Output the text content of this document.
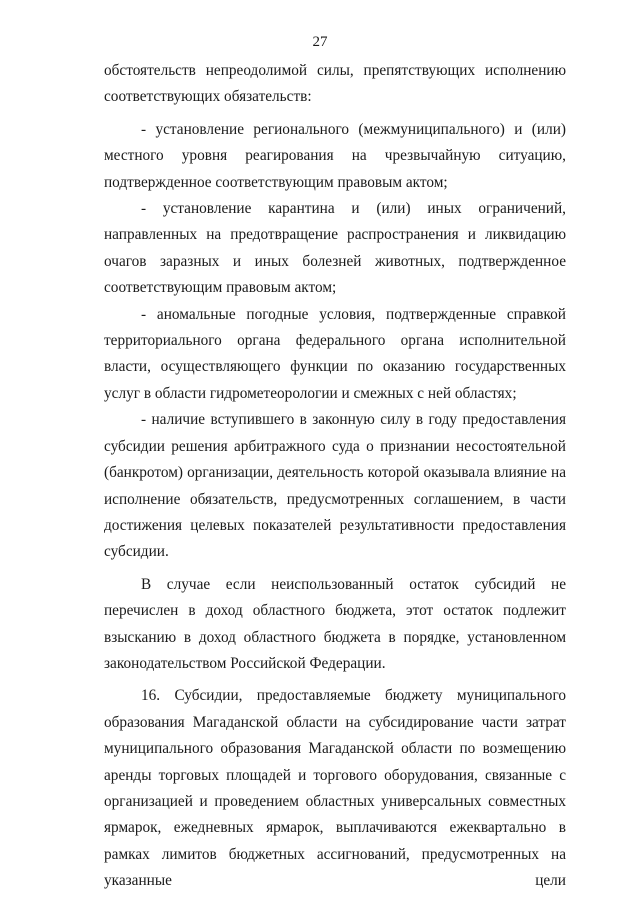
27

обстоятельств непреодолимой силы, препятствующих исполнению соответствующих обязательств:

- установление регионального (межмуниципального) и (или) местного уровня реагирования на чрезвычайную ситуацию, подтвержденное соответствующим правовым актом;

- установление карантина и (или) иных ограничений, направленных на предотвращение распространения и ликвидацию очагов заразных и иных болезней животных, подтвержденное соответствующим правовым актом;

- аномальные погодные условия, подтвержденные справкой территориального органа федерального органа исполнительной власти, осуществляющего функции по оказанию государственных услуг в области гидрометеорологии и смежных с ней областях;

- наличие вступившего в законную силу в году предоставления субсидии решения арбитражного суда о признании несостоятельной (банкротом) организации, деятельность которой оказывала влияние на исполнение обязательств, предусмотренных соглашением, в части достижения целевых показателей результативности предоставления субсидии.

В случае если неиспользованный остаток субсидий не перечислен в доход областного бюджета, этот остаток подлежит взысканию в доход областного бюджета в порядке, установленном законодательством Российской Федерации.

16. Субсидии, предоставляемые бюджету муниципального образования Магаданской области на субсидирование части затрат муниципального образования Магаданской области по возмещению аренды торговых площадей и торгового оборудования, связанные с организацией и проведением областных универсальных совместных ярмарок, ежедневных ярмарок, выплачиваются ежеквартально в рамках лимитов бюджетных ассигнований, предусмотренных на указанные цели
